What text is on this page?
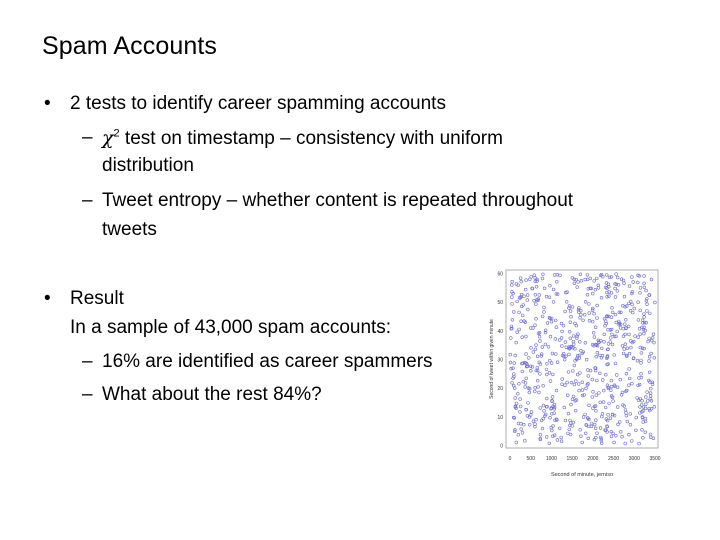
Spam Accounts
• 2 tests to identify career spamming accounts
– $\chi^2$ test on timestamp – consistency with uniform
distribution
– Tweet entropy – whether content is repeated throughout
tweets
• Result
In a sample of 43,000 spam accounts:
– 16% are identified as career spammers
– What about the rest 84%?
0	500 1000 1500 2000 2500 3000 3500
0
10
20
30
40
50
60
Second of minute, jerniso
Second of tweet within given minute
